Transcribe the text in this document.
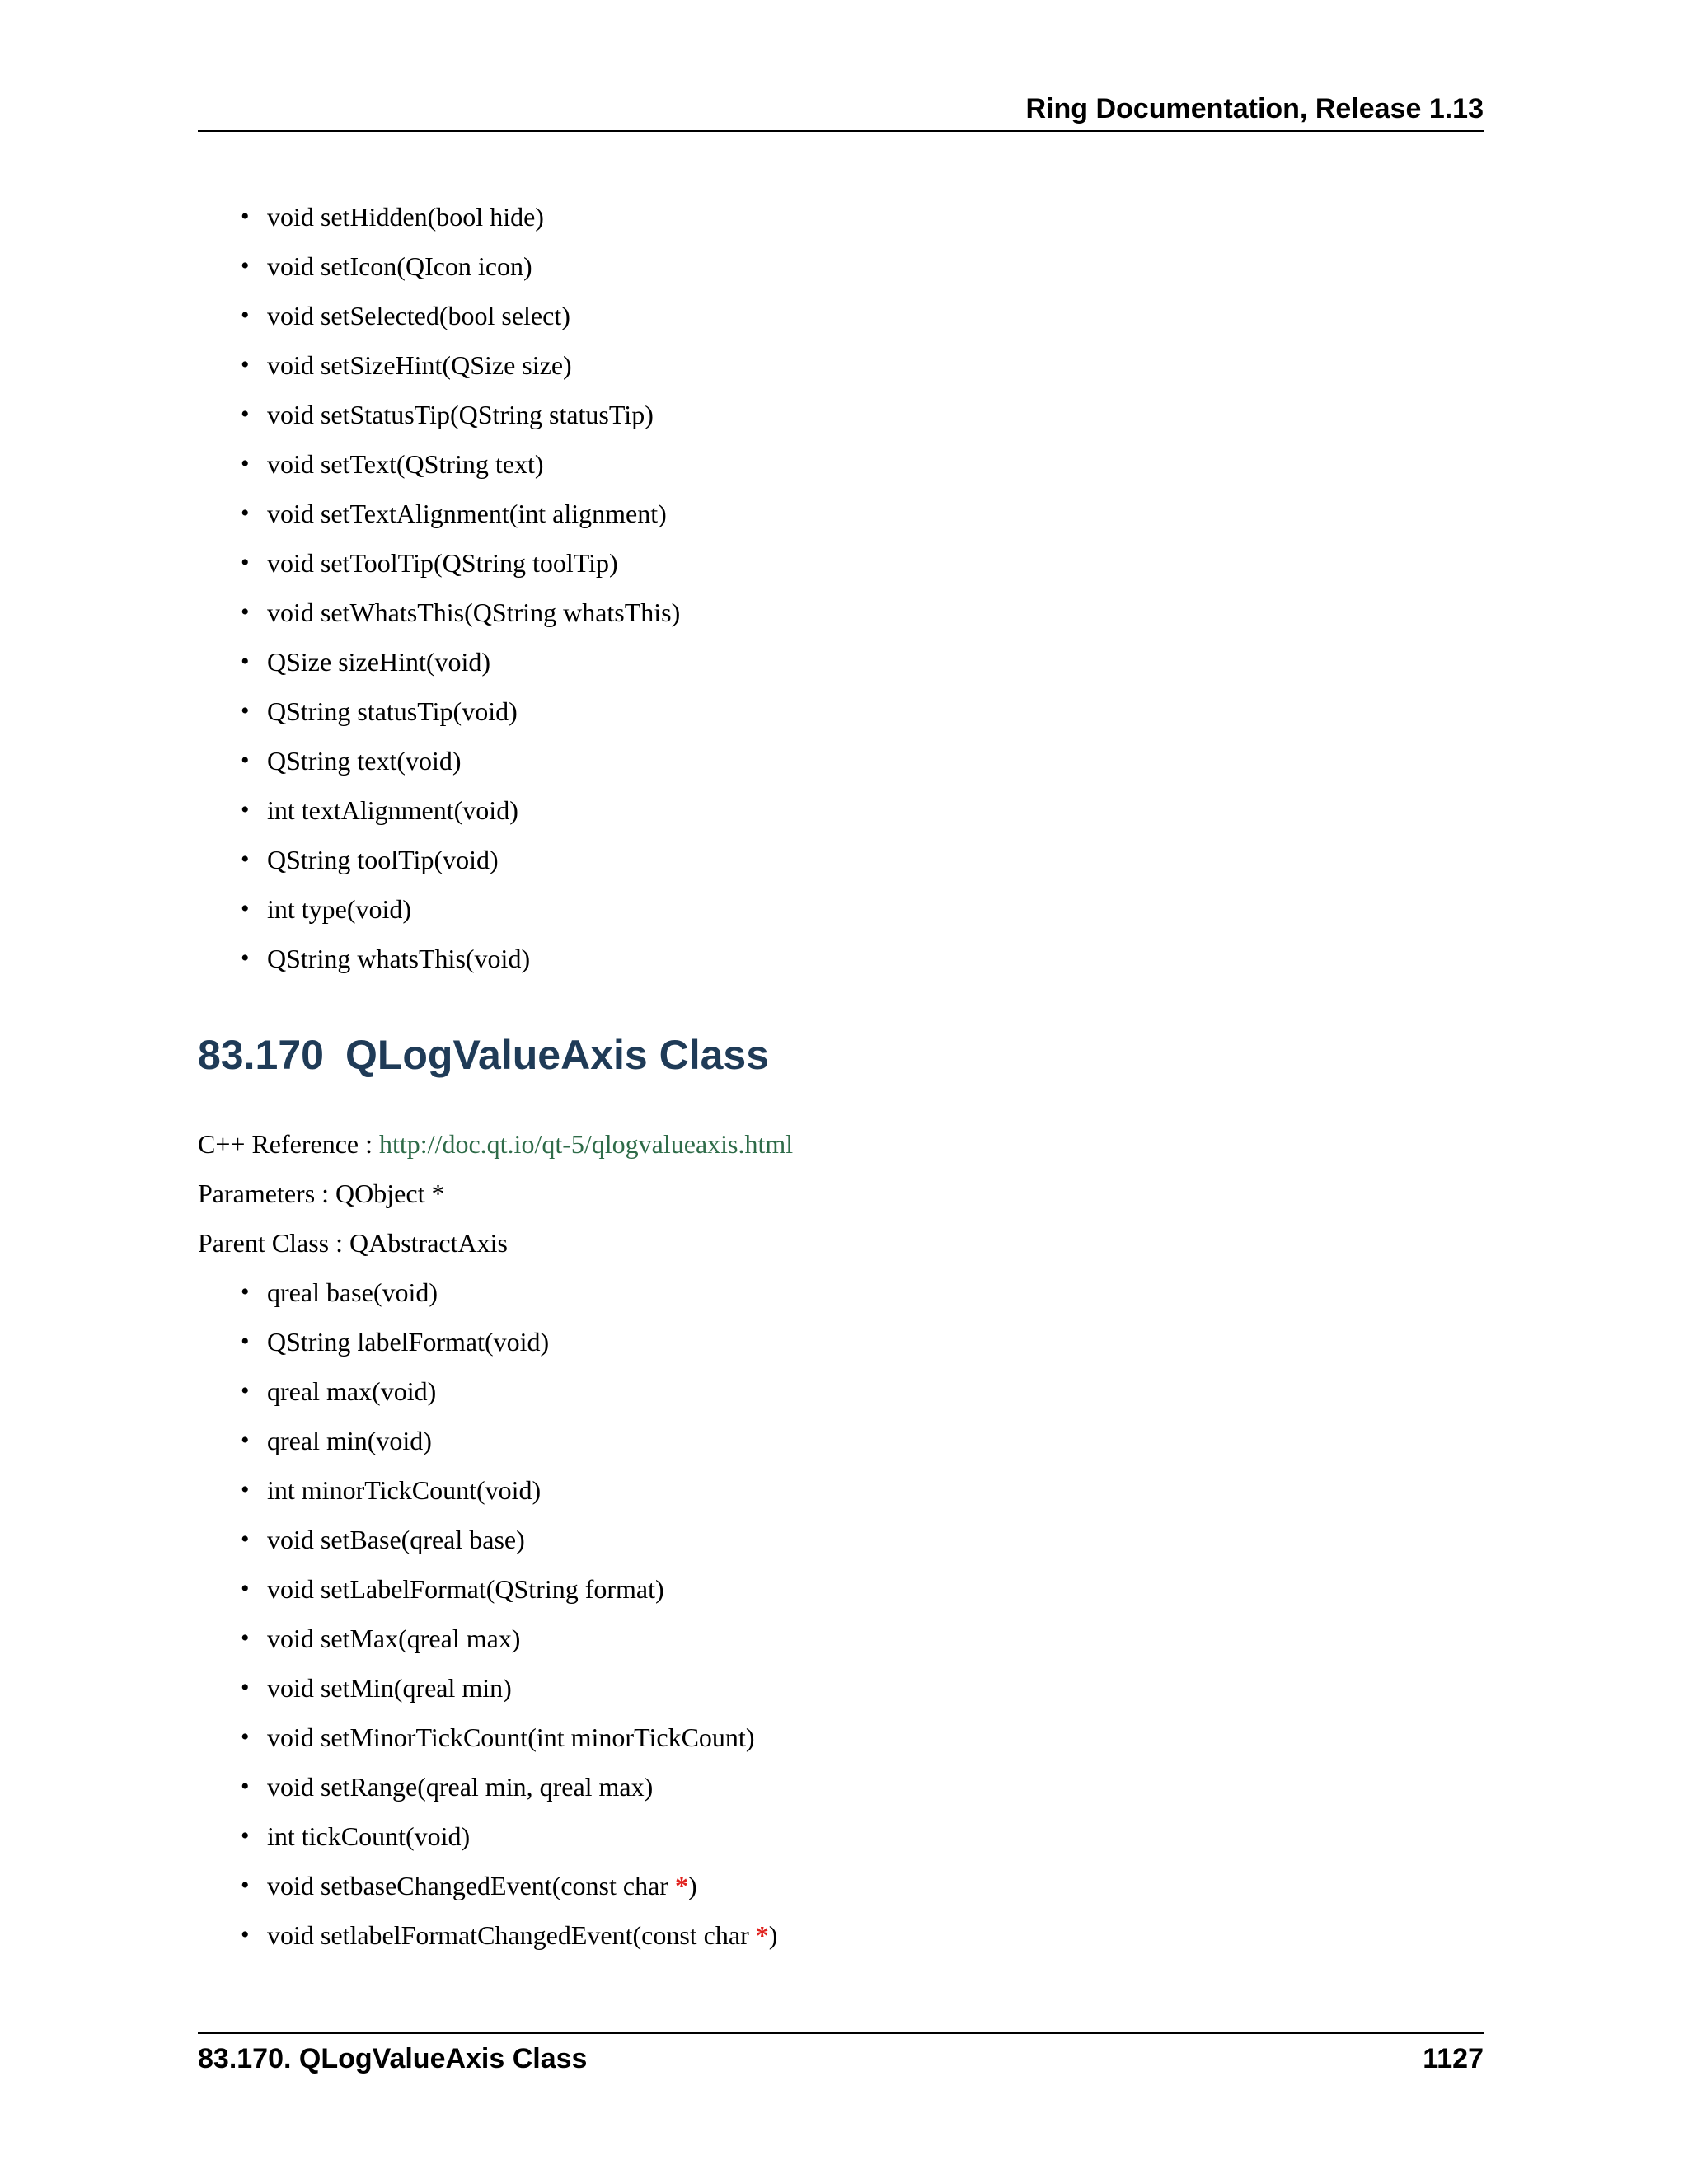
Ring Documentation, Release 1.13
• void setHidden(bool hide)
• void setIcon(QIcon icon)
• void setSelected(bool select)
• void setSizeHint(QSize size)
• void setStatusTip(QString statusTip)
• void setText(QString text)
• void setTextAlignment(int alignment)
• void setToolTip(QString toolTip)
• void setWhatsThis(QString whatsThis)
• QSize sizeHint(void)
• QString statusTip(void)
• QString text(void)
• int textAlignment(void)
• QString toolTip(void)
• int type(void)
• QString whatsThis(void)
83.170 QLogValueAxis Class
C++ Reference : http://doc.qt.io/qt-5/qlogvalueaxis.html
Parameters : QObject *
Parent Class : QAbstractAxis
• qreal base(void)
• QString labelFormat(void)
• qreal max(void)
• qreal min(void)
• int minorTickCount(void)
• void setBase(qreal base)
• void setLabelFormat(QString format)
• void setMax(qreal max)
• void setMin(qreal min)
• void setMinorTickCount(int minorTickCount)
• void setRange(qreal min, qreal max)
• int tickCount(void)
• void setbaseChangedEvent(const char *)
• void setlabelFormatChangedEvent(const char *)
83.170. QLogValueAxis Class	1127
